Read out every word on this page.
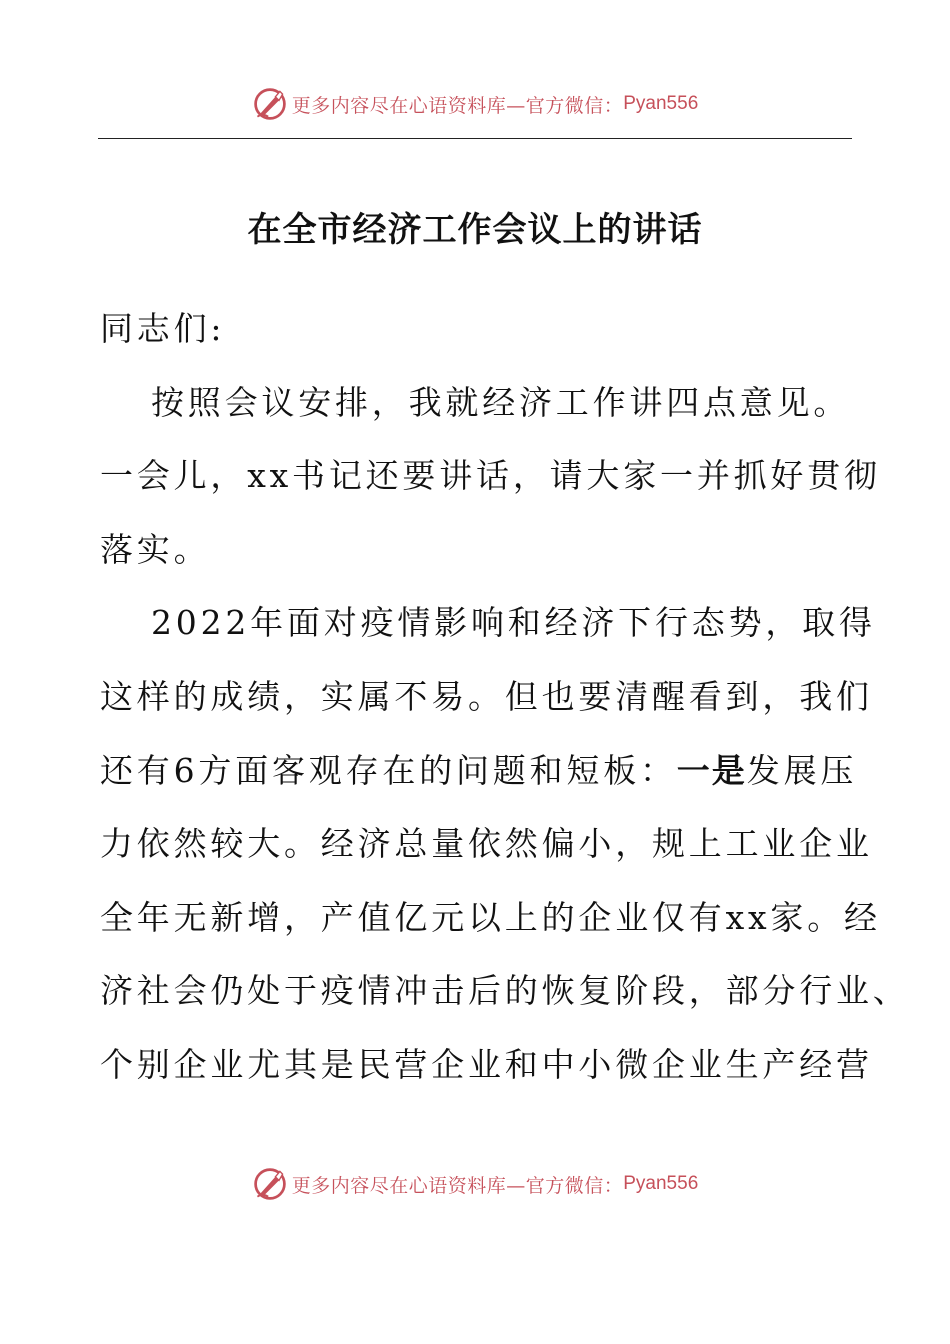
更多内容尽在心语资料库—官方微信： Pyan556
在全市经济工作会议上的讲话
同志们:
按照会议安排，我就经济工作讲四点意见。
一会儿，xx书记还要讲话，请大家一并抓好贯彻
落实。
2022年面对疫情影响和经济下行态势，取得
这样的成绩，实属不易。但也要清醒看到，我们
还有6方面客观存在的问题和短板：一是发展压
力依然较大。经济总量依然偏小，规上工业企业
全年无新增，产值亿元以上的企业仅有xx家。经
济社会仍处于疫情冲击后的恢复阶段，部分行业、
个别企业尤其是民营企业和中小微企业生产经营
更多内容尽在心语资料库—官方微信： Pyan556
